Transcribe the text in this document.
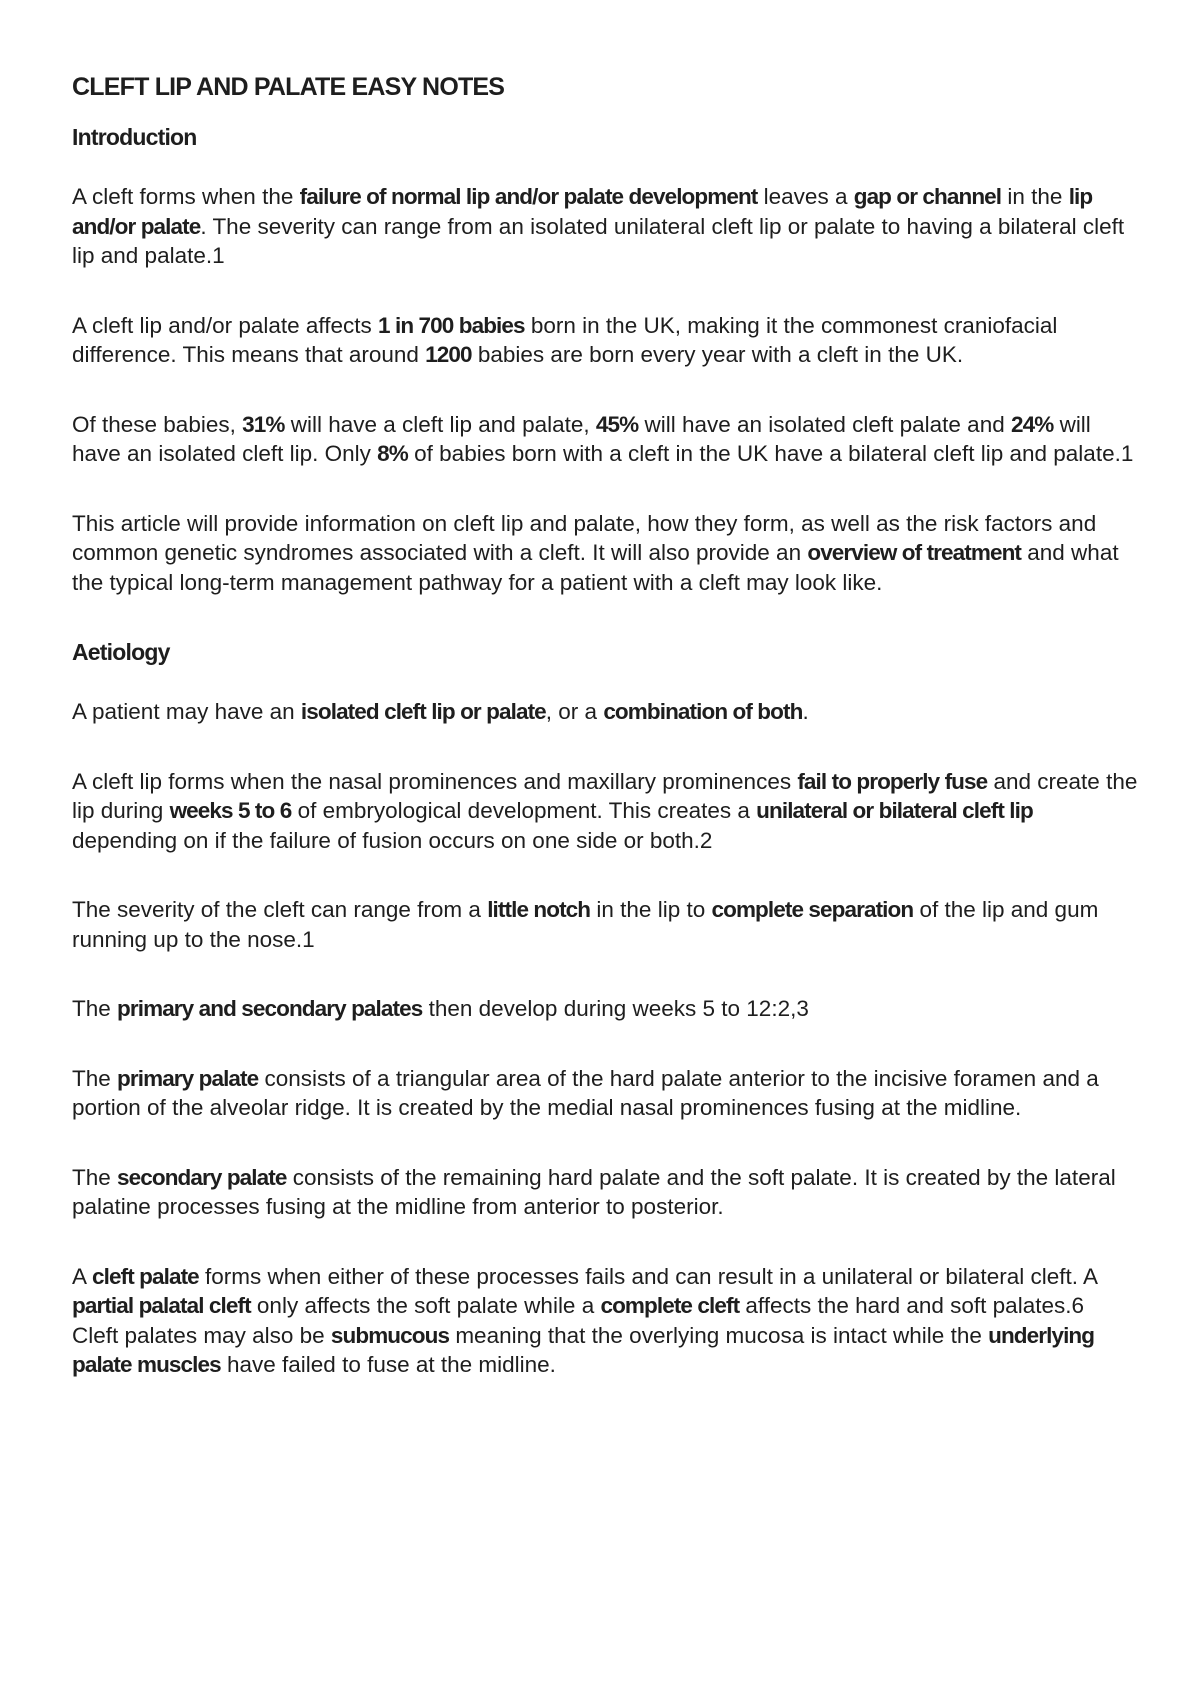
CLEFT LIP AND PALATE EASY NOTES
Introduction

A cleft forms when the failure of normal lip and/or palate development leaves a gap or channel in the lip and/or palate. The severity can range from an isolated unilateral cleft lip or palate to having a bilateral cleft lip and palate.1

A cleft lip and/or palate affects 1 in 700 babies born in the UK, making it the commonest craniofacial difference. This means that around 1200 babies are born every year with a cleft in the UK.

Of these babies, 31% will have a cleft lip and palate, 45% will have an isolated cleft palate and 24% will have an isolated cleft lip. Only 8% of babies born with a cleft in the UK have a bilateral cleft lip and palate.1

This article will provide information on cleft lip and palate, how they form, as well as the risk factors and common genetic syndromes associated with a cleft. It will also provide an overview of treatment and what the typical long-term management pathway for a patient with a cleft may look like.

Aetiology

A patient may have an isolated cleft lip or palate, or a combination of both.

A cleft lip forms when the nasal prominences and maxillary prominences fail to properly fuse and create the lip during weeks 5 to 6 of embryological development. This creates a unilateral or bilateral cleft lip depending on if the failure of fusion occurs on one side or both.2

The severity of the cleft can range from a little notch in the lip to complete separation of the lip and gum running up to the nose.1

The primary and secondary palates then develop during weeks 5 to 12:2,3

The primary palate consists of a triangular area of the hard palate anterior to the incisive foramen and a portion of the alveolar ridge. It is created by the medial nasal prominences fusing at the midline.

The secondary palate consists of the remaining hard palate and the soft palate. It is created by the lateral palatine processes fusing at the midline from anterior to posterior.

A cleft palate forms when either of these processes fails and can result in a unilateral or bilateral cleft. A partial palatal cleft only affects the soft palate while a complete cleft affects the hard and soft palates.6

Cleft palates may also be submucous meaning that the overlying mucosa is intact while the underlying palate muscles have failed to fuse at the midline.
